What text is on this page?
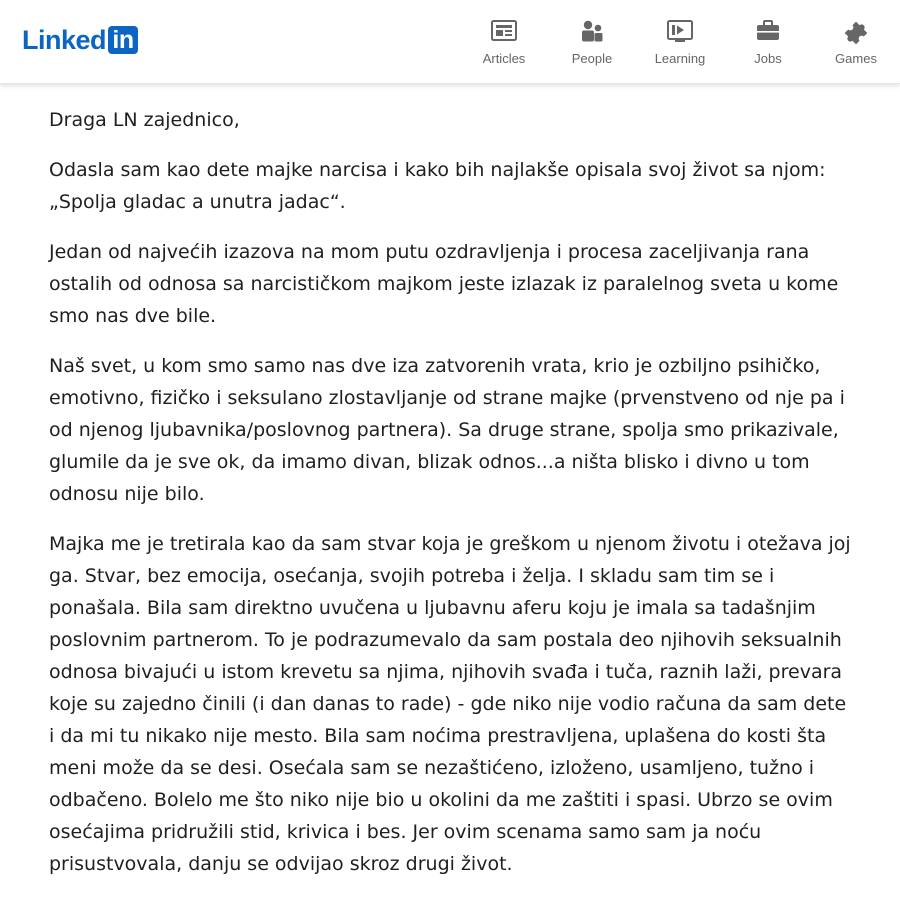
Linked in
Articles	People	Learning	Jobs	Games

Draga LN zajednico,

Odasla sam kao dete majke narcisa i kako bih najlakše opisala svoj život sa njom: „Spolja gladac a unutra jadac“.

Jedan od najvećih izazova na mom putu ozdravljenja i procesa zaceljivanja rana ostalih od odnosa sa narcističkom majkom jeste izlazak iz paralelnog sveta u kome smo nas dve bile.

Naš svet, u kom smo samo nas dve iza zatvorenih vrata, krio je ozbiljno psihičko, emotivno, fizičko i seksulano zlostavljanje od strane majke (prvenstveno od nje pa i od njenog ljubavnika/poslovnog partnera). Sa druge strane, spolja smo prikazivale, glumile da je sve ok, da imamo divan, blizak odnos...a ništa blisko i divno u tom odnosu nije bilo.

Majka me je tretirala kao da sam stvar koja je greškom u njenom životu i otežava joj ga. Stvar, bez emocija, osećanja, svojih potreba i želja. I skladu sam tim se i ponašala. Bila sam direktno uvučena u ljubavnu aferu koju je imala sa tadašnjim poslovnim partnerom. To je podrazumevalo da sam postala deo njihovih seksualnih odnosa bivajući u istom krevetu sa njima, njihovih svađa i tuča, raznih laži, prevara koje su zajedno činili (i dan danas to rade) - gde niko nije vodio računa da sam dete i da mi tu nikako nije mesto. Bila sam noćima prestravljena, uplašena do kosti šta meni može da se desi. Osećala sam se nezaštićeno, izloženo, usamljeno, tužno i odbačeno. Bolelo me što niko nije bio u okolini da me zaštiti i spasi. Ubrzo se ovim osećajima pridružili stid, krivica i bes. Jer ovim scenama samo sam ja noću prisustvovala, danju se odvijao skroz drugi život.
